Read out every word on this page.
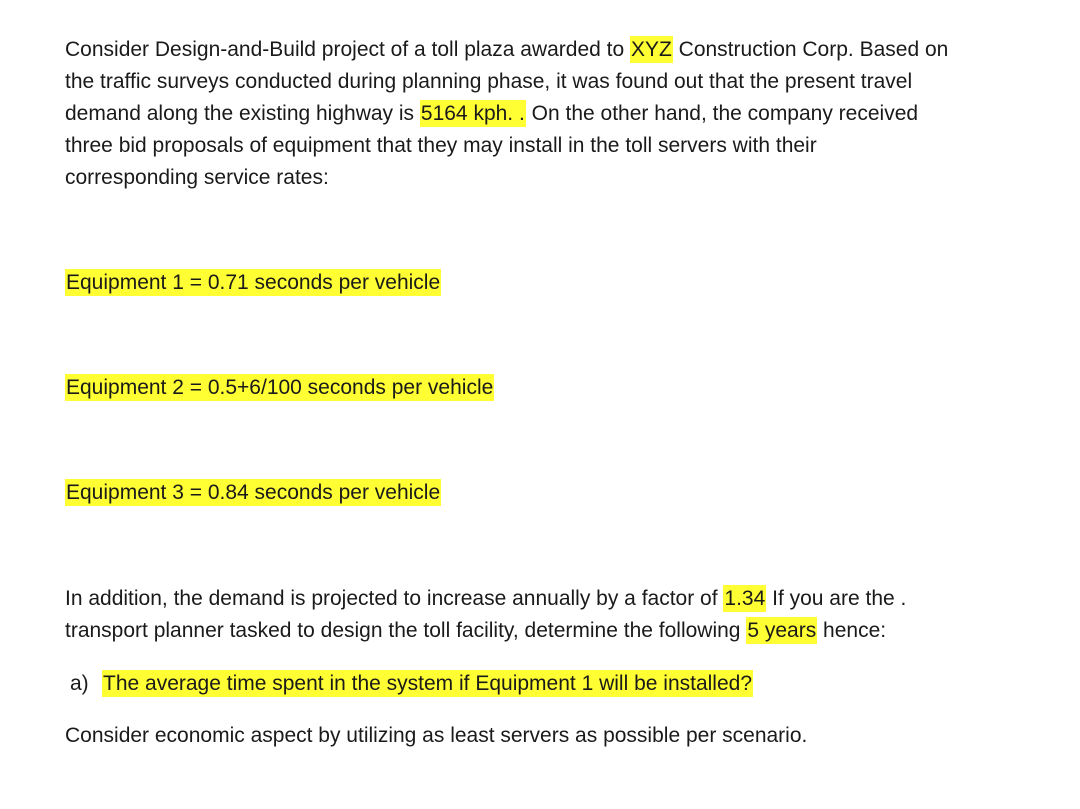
Consider Design-and-Build project of a toll plaza awarded to XYZ Construction Corp. Based on
the traffic surveys conducted during planning phase, it was found out that the present travel
demand along the existing highway is 5164 kph. . On the other hand, the company received
three bid proposals of equipment that they may install in the toll servers with their
corresponding service rates:

Equipment 1 = 0.71 seconds per vehicle
Equipment 2 = 0.5+6/100 seconds per vehicle
Equipment 3 = 0.84 seconds per vehicle

In addition, the demand is projected to increase annually by a factor of 1.34 If you are the .
transport planner tasked to design the toll facility, determine the following 5 years hence:

a) The average time spent in the system if Equipment 1 will be installed?

Consider economic aspect by utilizing as least servers as possible per scenario.
